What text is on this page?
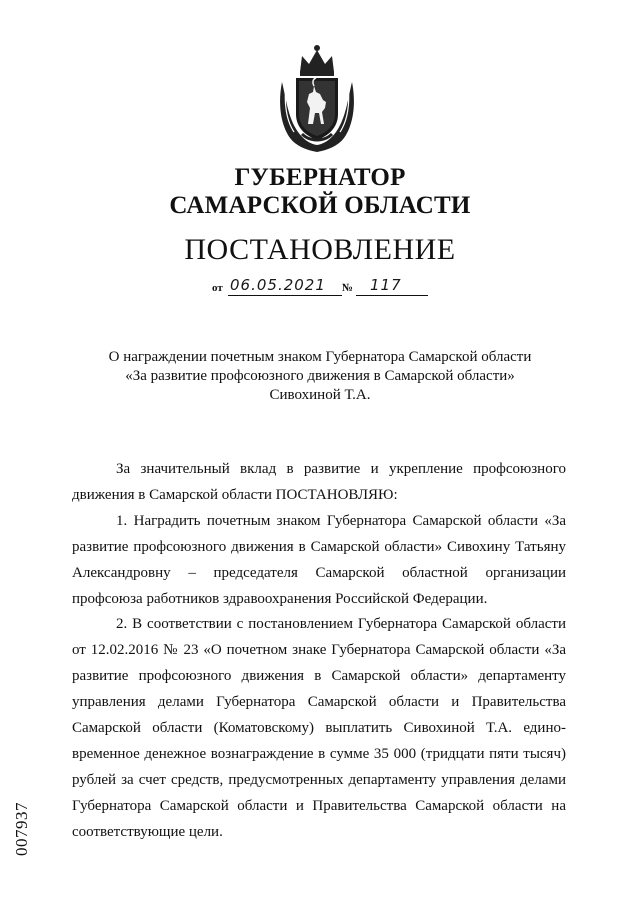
ГУБЕРНАТОР
САМАРСКОЙ ОБЛАСТИ
ПОСТАНОВЛЕНИЕ
от 06.05.2021 № 117
О награждении почетным знаком Губернатора Самарской области
«За развитие профсоюзного движения в Самарской области»
Сивохиной Т.А.

За значительный вклад в развитие и укрепление профсоюзного движения в Самарской области ПОСТАНОВЛЯЮ:

1. Наградить почетным знаком Губернатора Самарской области «За развитие профсоюзного движения в Самарской области» Сивохину Татьяну Александровну – председателя Самарской областной организации профсоюза работников здравоохранения Российской Федерации.

2. В соответствии с постановлением Губернатора Самарской области от 12.02.2016 № 23 «О почетном знаке Губернатора Самарской области «За развитие профсоюзного движения в Самарской области» департаменту управления делами Губернатора Самарской области и Правительства Самарской области (Коматовскому) выплатить Сивохиной Т.А. единовременное денежное вознаграждение в сумме 35 000 (тридцати пяти тысяч) рублей за счет средств, предусмотренных департаменту управления делами Губернатора Самарской области и Правительства Самарской области на соответствующие цели.

007937
